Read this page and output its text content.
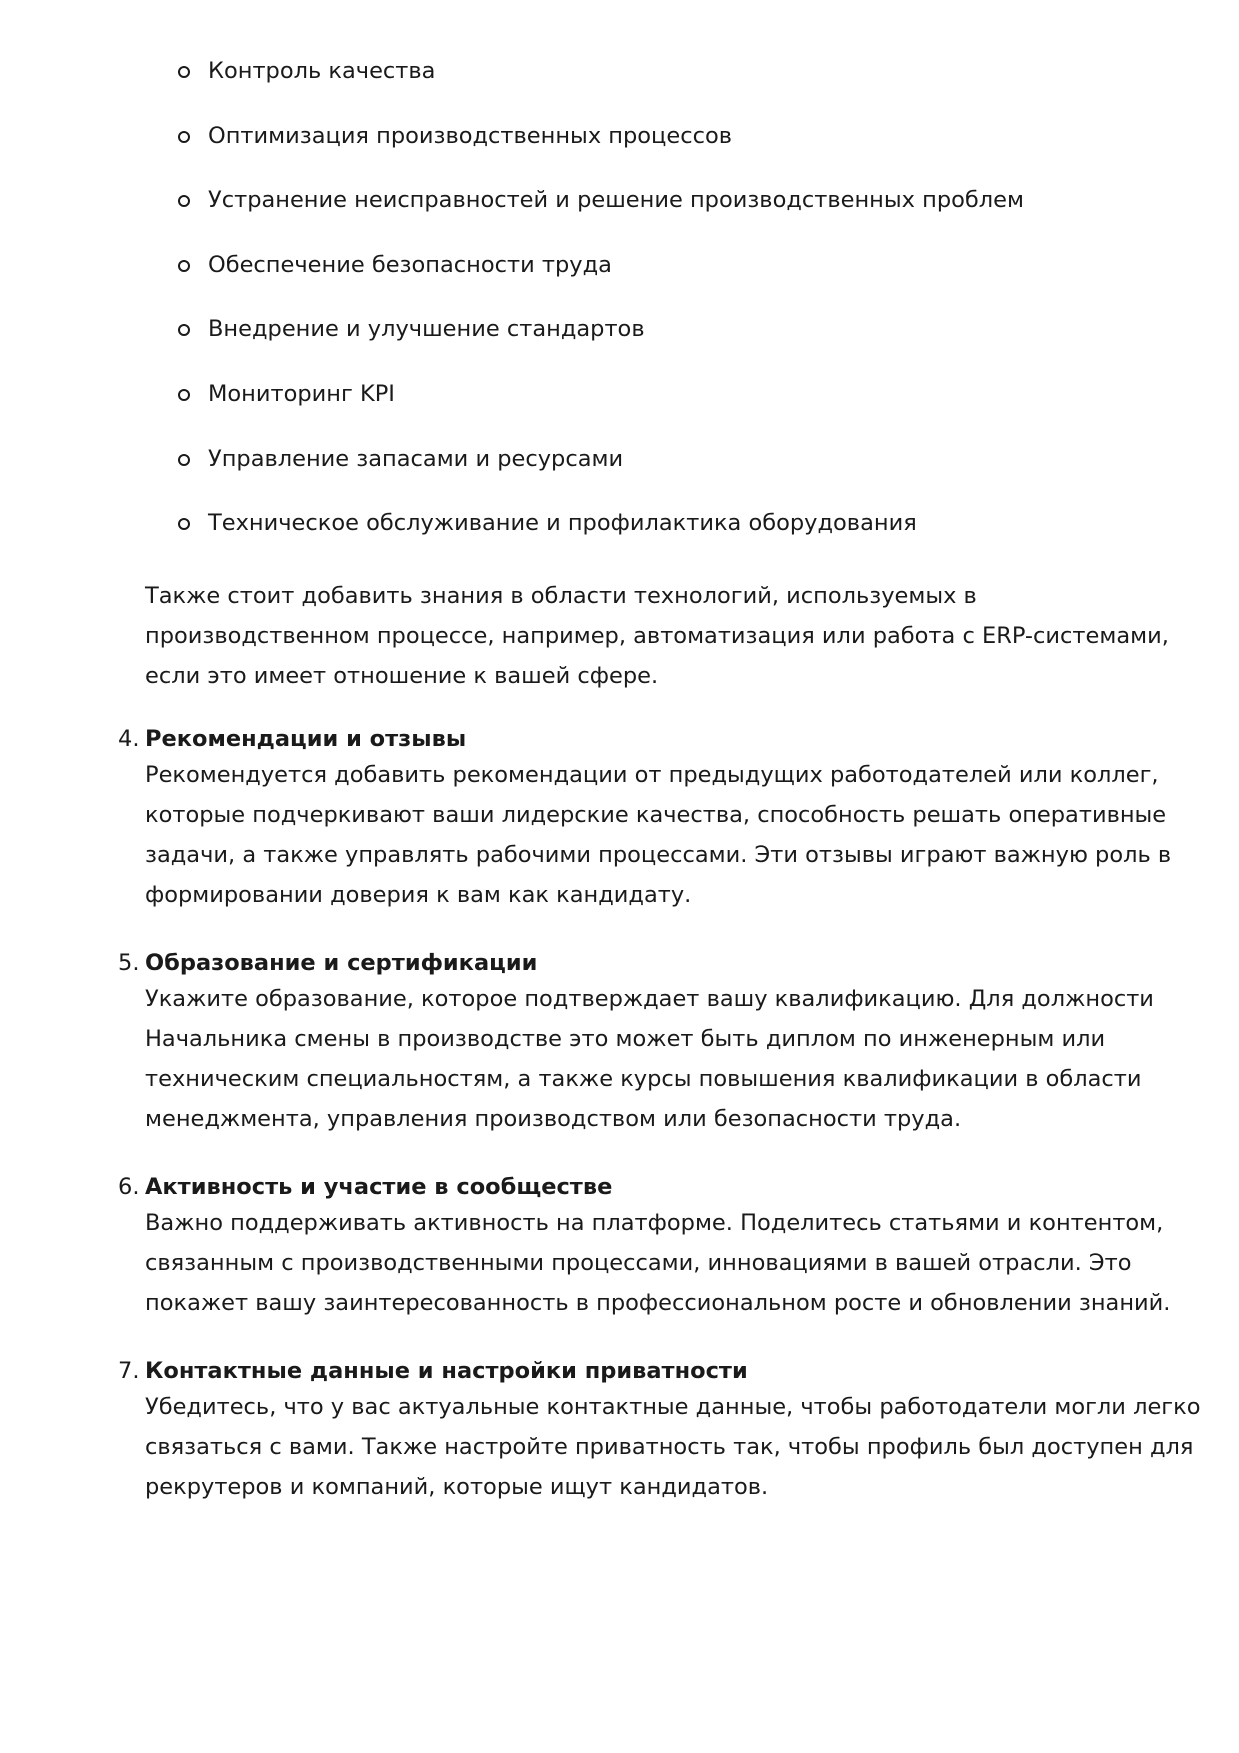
Контроль качества
Оптимизация производственных процессов
Устранение неисправностей и решение производственных проблем
Обеспечение безопасности труда
Внедрение и улучшение стандартов
Мониторинг KPI
Управление запасами и ресурсами
Техническое обслуживание и профилактика оборудования
Также стоит добавить знания в области технологий, используемых в
производственном процессе, например, автоматизация или работа с ERP-системами,
если это имеет отношение к вашей сфере.
4. Рекомендации и отзывы
Рекомендуется добавить рекомендации от предыдущих работодателей или коллег,
которые подчеркивают ваши лидерские качества, способность решать оперативные
задачи, а также управлять рабочими процессами. Эти отзывы играют важную роль в
формировании доверия к вам как кандидату.
5. Образование и сертификации
Укажите образование, которое подтверждает вашу квалификацию. Для должности
Начальника смены в производстве это может быть диплом по инженерным или
техническим специальностям, а также курсы повышения квалификации в области
менеджмента, управления производством или безопасности труда.
6. Активность и участие в сообществе
Важно поддерживать активность на платформе. Поделитесь статьями и контентом,
связанным с производственными процессами, инновациями в вашей отрасли. Это
покажет вашу заинтересованность в профессиональном росте и обновлении знаний.
7. Контактные данные и настройки приватности
Убедитесь, что у вас актуальные контактные данные, чтобы работодатели могли легко
связаться с вами. Также настройте приватность так, чтобы профиль был доступен для
рекрутеров и компаний, которые ищут кандидатов.
